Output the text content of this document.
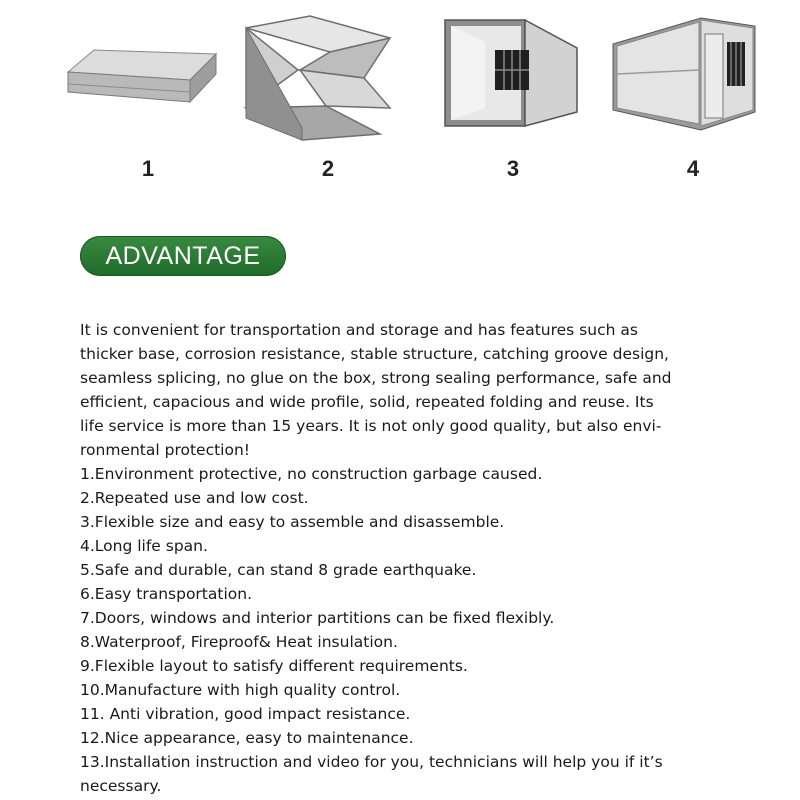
1	2	3	4
ADVANTAGE

It is convenient for transportation and storage and has features such as

thicker base, corrosion resistance, stable structure, catching groove design,

seamless splicing, no glue on the box, strong sealing performance, safe and

efficient, capacious and wide profile, solid, repeated folding and reuse. Its

life service is more than 15 years. It is not only good quality, but also envi-

ronmental protection!

1.Environment protective, no construction garbage caused.
2.Repeated use and low cost.
3.Flexible size and easy to assemble and disassemble.
4.Long life span.
5.Safe and durable, can stand 8 grade earthquake.
6.Easy transportation.
7.Doors, windows and interior partitions can be fixed flexibly.
8.Waterproof, Fireproof& Heat insulation.
9.Flexible layout to satisfy different requirements.
10.Manufacture with high quality control.
11. Anti vibration, good impact resistance.
12.Nice appearance, easy to maintenance.
13.Installation instruction and video for you, technicians will help you if it’s
necessary.
